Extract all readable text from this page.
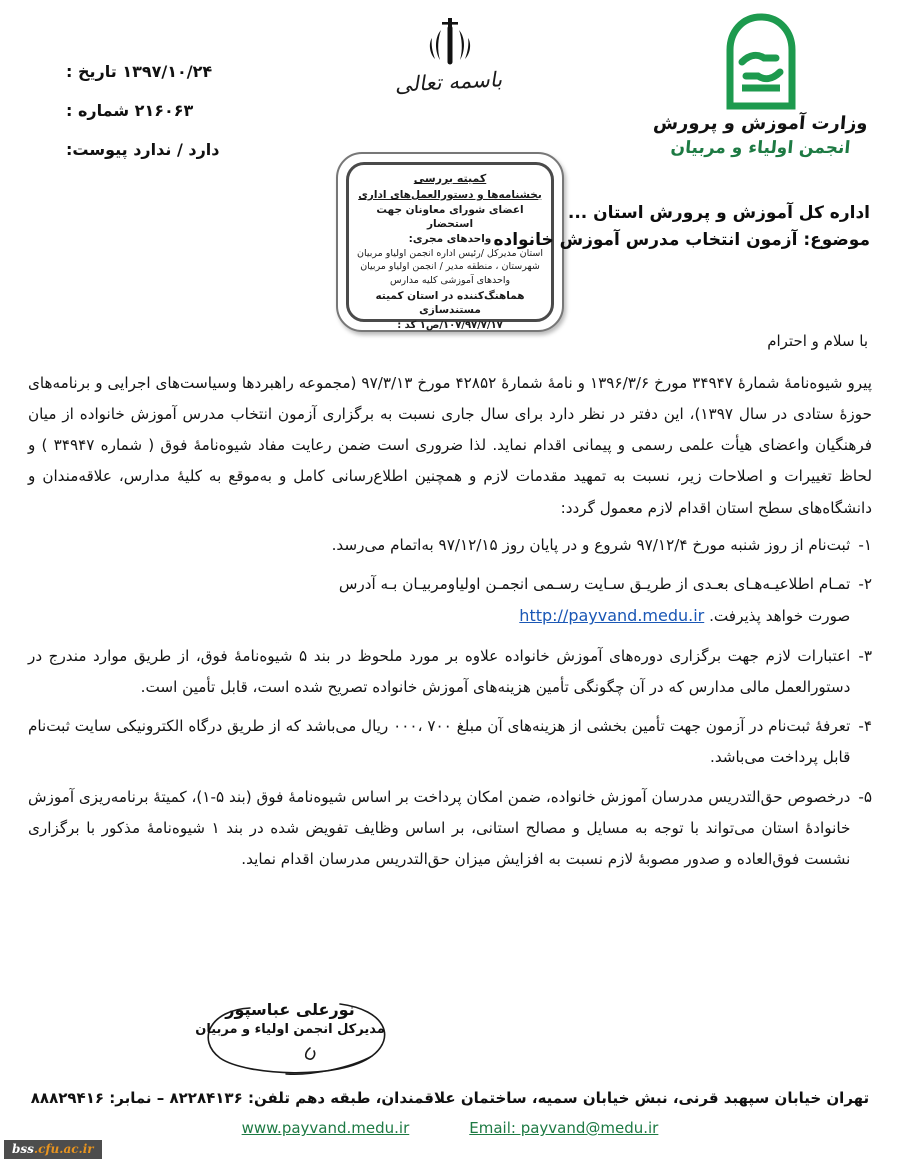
وزارت آموزش و پرورش
انجمن اولیاء و مربیان
باسمه تعالی
۱۳۹۷/۱۰/۲۴ تاریخ :
۲۱۶۰۶۳ شماره :
دارد / ندارد پیوست:
کمیته بررسی
بخشنامه‌ها و دستورالعمل‌های اداری
اعضای شورای معاونان جهت استحضار
واحدهای مجری:
استان مدیرکل /رئیس اداره انجمن اولیاو مربیان
شهرستان ، منطقه مدیر / انجمن اولیاو مربیان
واحدهای آموزشی کلیه مدارس
هماهنگ‌کننده در استان کمیته مستندسازی
۱۰۷/۹۷/۷/۱۷/ص۱ کد :
اداره کل آموزش و پرورش استان ...
موضوع: آزمون انتخاب مدرس آموزش خانواده
با سلام و احترام
پیرو شیوه‌نامۀ شمارۀ ۳۴۹۴۷ مورخ ۱۳۹۶/۳/۶ و نامۀ شمارۀ ۴۲۸۵۲ مورخ ۹۷/۳/۱۳ (مجموعه راهبردها وسیاست‌های اجرایی و برنامه‌های حوزۀ ستادی در سال ۱۳۹۷)، این دفتر در نظر دارد برای سال جاری نسبت به برگزاری آزمون انتخاب مدرس آموزش خانواده از میان فرهنگیان واعضای هیأت علمی رسمی و پیمانی اقدام نماید. لذا ضروری است ضمن رعایت مفاد شیوه‌نامۀ فوق ( شماره ۳۴۹۴۷ ) و لحاظ تغییرات و اصلاحات زیر، نسبت به تمهید مقدمات لازم و همچنین اطلاع‌رسانی کامل و به‌موقع به کلیۀ مدارس، علاقه‌مندان و دانشگاه‌های سطح استان اقدام لازم معمول گردد:
۱-
ثبت‌نام از روز شنبه مورخ ۹۷/۱۲/۴ شروع و در پایان روز ۹۷/۱۲/۱۵ به‌اتمام می‌رسد.
۲-
تمـام اطلاعیـه‌هـای بعـدی از طریـق سـایت رسـمی انجمـن اولیاومربیـان بـه آدرس
صورت خواهد پذیرفت. http://payvand.medu.ir
۳-
اعتبارات لازم جهت برگزاری دوره‌های آموزش خانواده علاوه بر مورد ملحوظ در بند ۵ شیوه‌نامۀ فوق، از طریق موارد مندرج در دستورالعمل مالی مدارس که در آن چگونگی تأمین هزینه‌های آموزش خانواده تصریح شده است، قابل تأمین است.
۴-
تعرفۀ ثبت‌نام در آزمون جهت تأمین بخشی از هزینه‌های آن مبلغ ۷۰۰ ،۰۰۰ ریال می‌باشد که از طریق درگاه الکترونیکی سایت ثبت‌نام قابل پرداخت می‌باشد.
۵-
درخصوص حق‌التدریس مدرسان آموزش خانواده، ضمن امکان پرداخت بر اساس شیوه‌نامۀ فوق (بند ۵-۱)، کمیتۀ برنامه‌ریزی آموزش خانوادۀ استان می‌تواند با توجه به مسایل و مصالح استانی، بر اساس وظایف تفویض شده در بند ۱ شیوه‌نامۀ مذکور با برگزاری نشست فوق‌العاده و صدور مصوبۀ لازم نسبت به افزایش میزان حق‌التدریس مدرسان اقدام نماید.
نورعلی عباسپور
مدیرکل انجمن اولیاء و مربیان
تهران خیابان سپهبد قرنی، نبش خیابان سمیه، ساختمان علاقمندان، طبقه دهم تلفن: ۸۲۲۸۴۱۳۶ – نمابر: ۸۸۸۲۹۴۱۶
www.payvand.medu.ir	Email: payvand@medu.ir
bss.cfu.ac.ir
